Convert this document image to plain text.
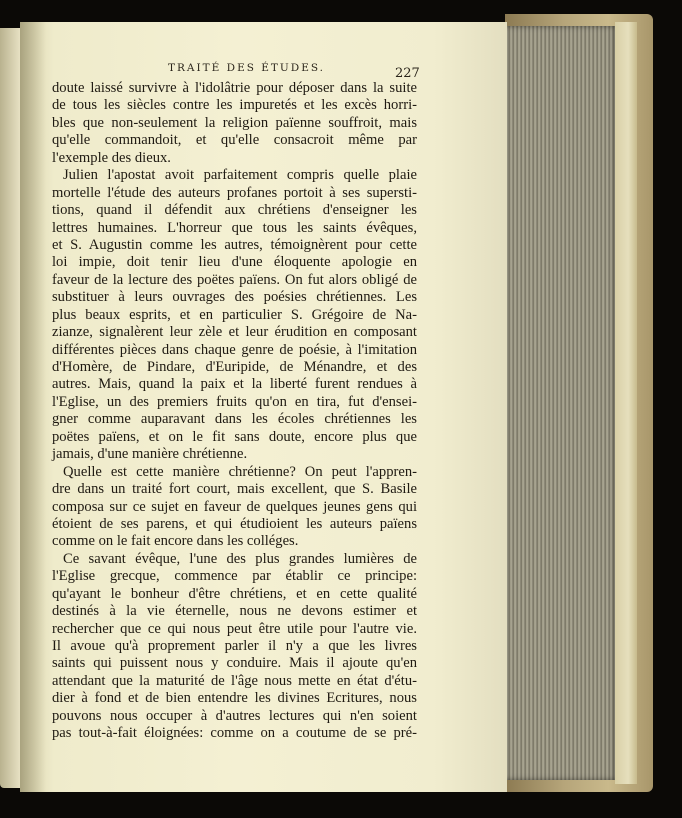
TRAITÉ DES ÉTUDES.	227
doute laissé survivre à l'idolâtrie pour déposer dans la suite
de tous les siècles contre les impuretés et les excès horri-
bles que non-seulement la religion païenne souffroit, mais
qu'elle commandoit, et qu'elle consacroit même par
l'exemple des dieux.
Julien l'apostat avoit parfaitement compris quelle plaie
mortelle l'étude des auteurs profanes portoit à ses supersti-
tions, quand il défendit aux chrétiens d'enseigner les
lettres humaines. L'horreur que tous les saints évêques,
et S. Augustin comme les autres, témoignèrent pour cette
loi impie, doit tenir lieu d'une éloquente apologie en
faveur de la lecture des poëtes païens. On fut alors obligé de
substituer à leurs ouvrages des poésies chrétiennes. Les
plus beaux esprits, et en particulier S. Grégoire de Na-
zianze, signalèrent leur zèle et leur érudition en composant
différentes pièces dans chaque genre de poésie, à l'imitation
d'Homère, de Pindare, d'Euripide, de Ménandre, et des
autres. Mais, quand la paix et la liberté furent rendues à
l'Eglise, un des premiers fruits qu'on en tira, fut d'ensei-
gner comme auparavant dans les écoles chrétiennes les
poëtes païens, et on le fit sans doute, encore plus que
jamais, d'une manière chrétienne.
Quelle est cette manière chrétienne? On peut l'appren-
dre dans un traité fort court, mais excellent, que S. Basile
composa sur ce sujet en faveur de quelques jeunes gens qui
étoient de ses parens, et qui étudioient les auteurs païens
comme on le fait encore dans les colléges.
Ce savant évêque, l'une des plus grandes lumières de
l'Eglise grecque, commence par établir ce principe:
qu'ayant le bonheur d'être chrétiens, et en cette qualité
destinés à la vie éternelle, nous ne devons estimer et
rechercher que ce qui nous peut être utile pour l'autre vie.
Il avoue qu'à proprement parler il n'y a que les livres
saints qui puissent nous y conduire. Mais il ajoute qu'en
attendant que la maturité de l'âge nous mette en état d'étu-
dier à fond et de bien entendre les divines Ecritures, nous
pouvons nous occuper à d'autres lectures qui n'en soient
pas tout-à-fait éloignées: comme on a coutume de se pré-
